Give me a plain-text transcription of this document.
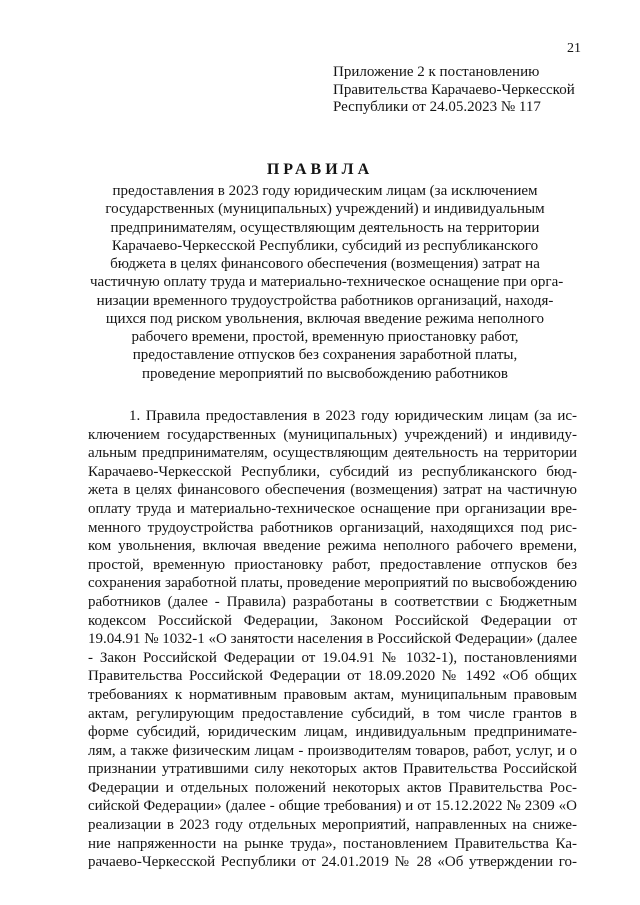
21
Приложение 2 к постановлению
Правительства Карачаево-Черкесской
Республики от 24.05.2023 № 117
ПРАВИЛА
предоставления в 2023 году юридическим лицам (за исключением
государственных (муниципальных) учреждений) и индивидуальным
предпринимателям, осуществляющим деятельность на территории
Карачаево-Черкесской Республики, субсидий из республиканского
бюджета в целях финансового обеспечения (возмещения) затрат на
частичную оплату труда и материально-техническое оснащение при орга-
низации временного трудоустройства работников организаций, находя-
щихся под риском увольнения, включая введение режима неполного
рабочего времени, простой, временную приостановку работ,
предоставление отпусков без сохранения заработной платы,
проведение мероприятий по высвобождению работников
1. Правила предоставления в 2023 году юридическим лицам (за ис-
ключением государственных (муниципальных) учреждений) и индивиду-
альным предпринимателям, осуществляющим деятельность на территории
Карачаево-Черкесской Республики, субсидий из республиканского бюд-
жета в целях финансового обеспечения (возмещения) затрат на частичную
оплату труда и материально-техническое оснащение при организации вре-
менного трудоустройства работников организаций, находящихся под рис-
ком увольнения, включая введение режима неполного рабочего времени,
простой, временную приостановку работ, предоставление отпусков без
сохранения заработной платы, проведение мероприятий по высвобождению
работников (далее - Правила) разработаны в соответствии с Бюджетным
кодексом Российской Федерации, Законом Российской Федерации от
19.04.91 № 1032-1 «О занятости населения в Российской Федерации» (далее
- Закон Российской Федерации от 19.04.91 № 1032-1), постановлениями
Правительства Российской Федерации от 18.09.2020 № 1492 «Об общих
требованиях к нормативным правовым актам, муниципальным правовым
актам, регулирующим предоставление субсидий, в том числе грантов в
форме субсидий, юридическим лицам, индивидуальным предпринимате-
лям, а также физическим лицам - производителям товаров, работ, услуг, и о
признании утратившими силу некоторых актов Правительства Российской
Федерации и отдельных положений некоторых актов Правительства Рос-
сийской Федерации» (далее - общие требования) и от 15.12.2022 № 2309 «О
реализации в 2023 году отдельных мероприятий, направленных на сниже-
ние напряженности на рынке труда», постановлением Правительства Ка-
рачаево-Черкесской Республики от 24.01.2019 № 28 «Об утверждении го-
